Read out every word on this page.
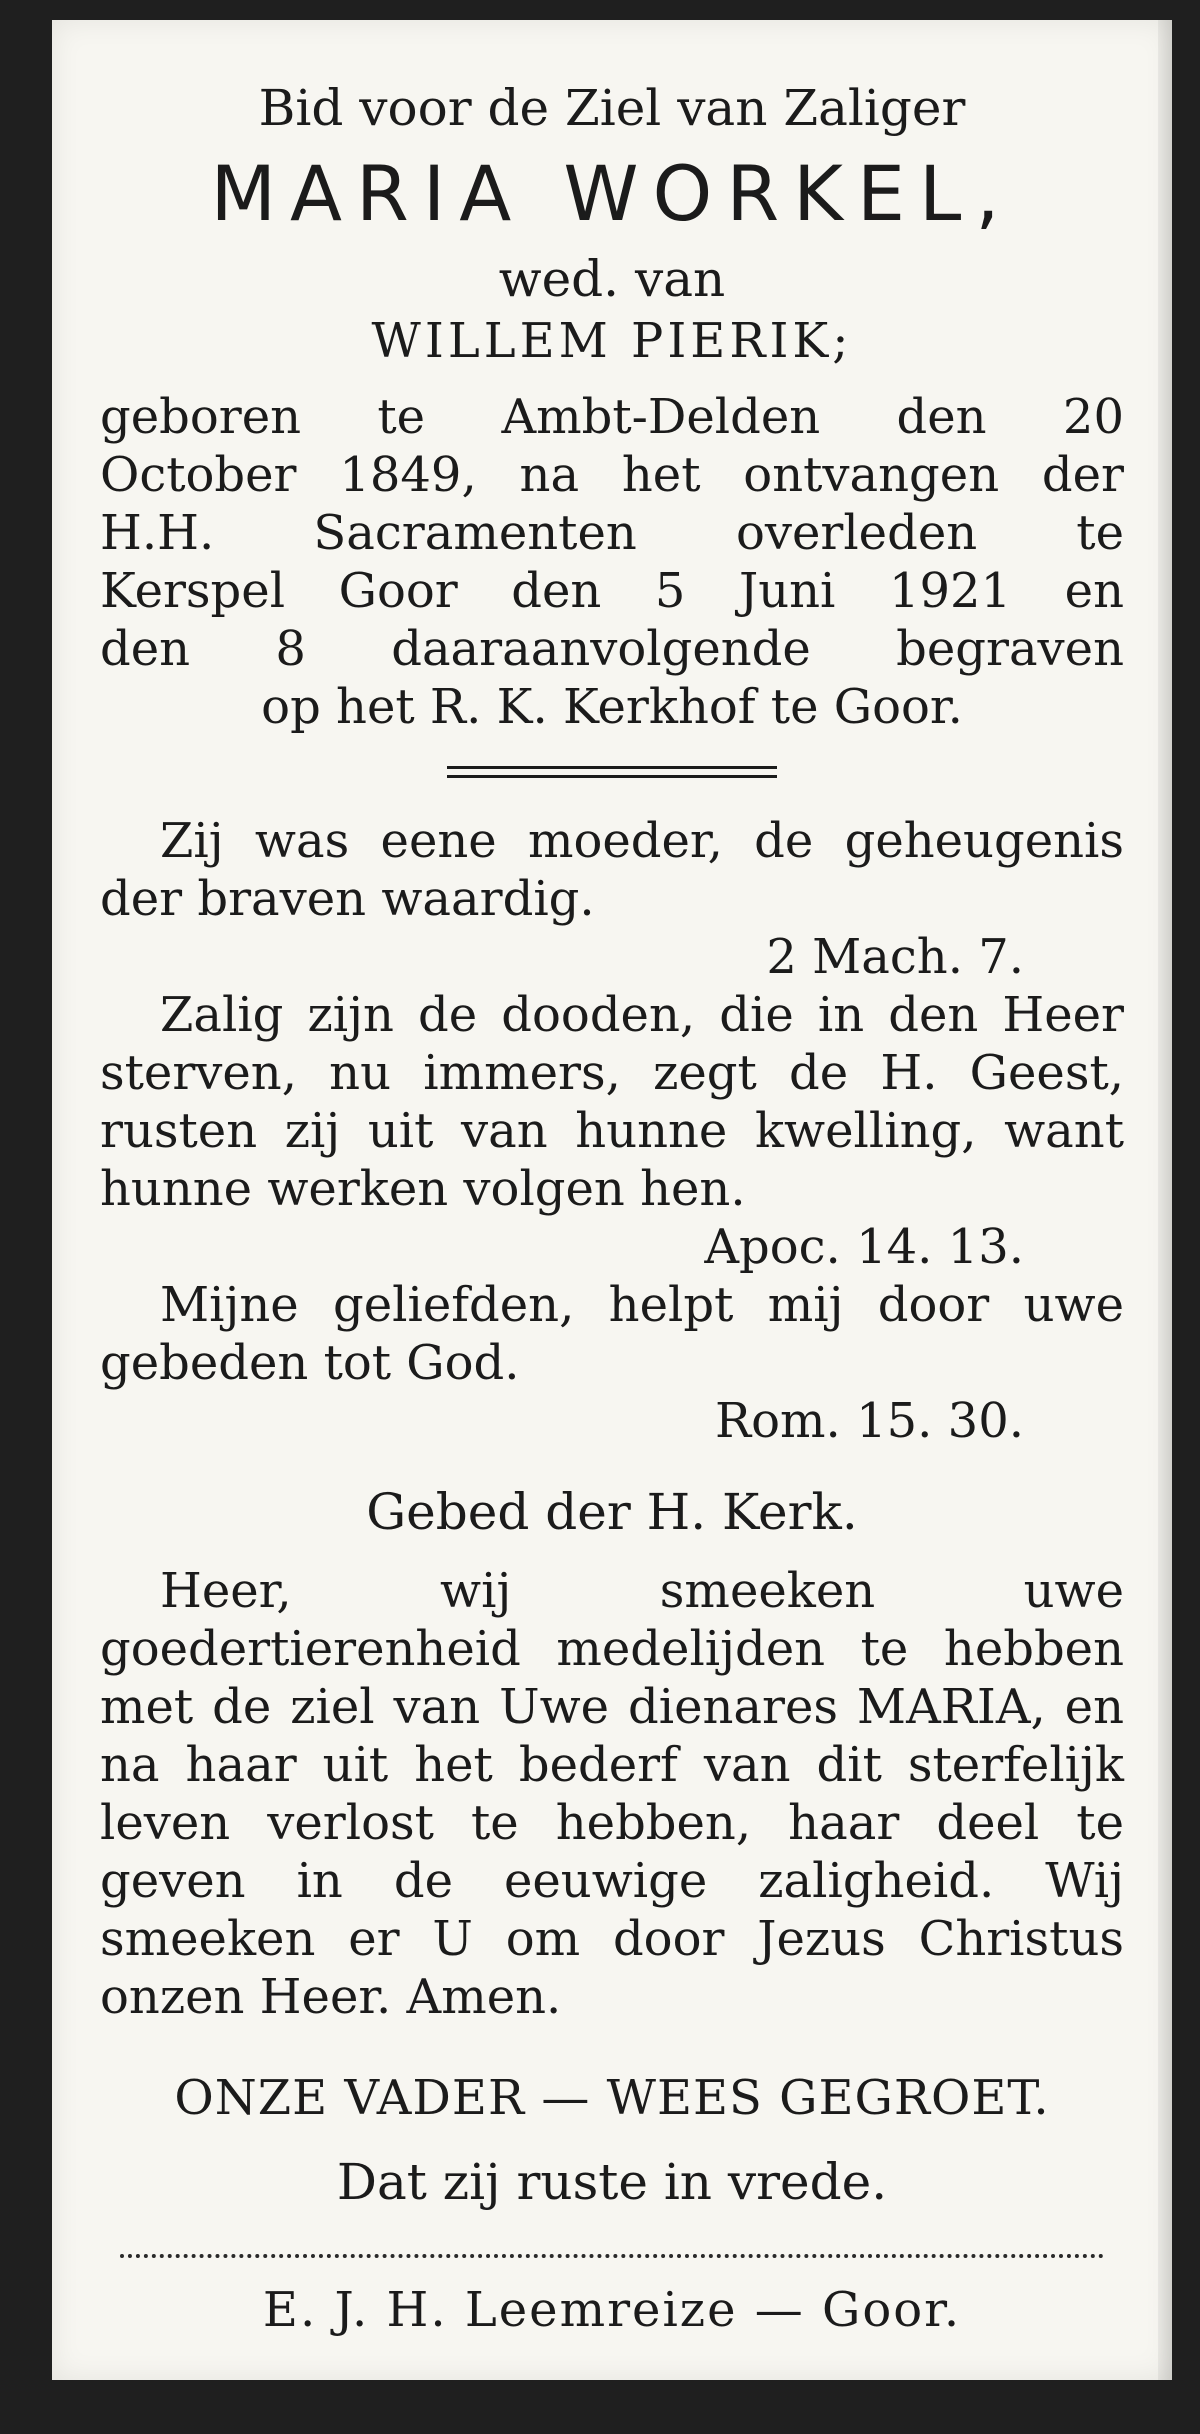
Bid voor de Ziel van Zaliger
MARIA WORKEL,
wed. van
WILLEM PIERIK;
geboren te Ambt-Delden den 20
October 1849, na het ontvangen der
H.H. Sacramenten overleden te
Kerspel Goor den 5 Juni 1921 en
den 8 daaraanvolgende begraven
op het R. K. Kerkhof te Goor.
Zij was eene moeder, de geheugenis der braven waardig.
2 Mach. 7.
Zalig zijn de dooden, die in den Heer sterven, nu immers, zegt de H. Geest, rusten zij uit van hunne kwelling, want hunne werken volgen hen.
Apoc. 14. 13.
Mijne geliefden, helpt mij door uwe gebeden tot God.
Rom. 15. 30.
Gebed der H. Kerk.
Heer, wij smeeken uwe goedertierenheid medelijden te hebben met de ziel van Uwe dienares MARIA, en na haar uit het bederf van dit sterfelijk leven verlost te hebben, haar deel te geven in de eeuwige zaligheid. Wij smeeken er U om door Jezus Christus onzen Heer. Amen.
ONZE VADER — WEES GEGROET.
Dat zij ruste in vrede.
E. J. H. Leemreize — Goor.
